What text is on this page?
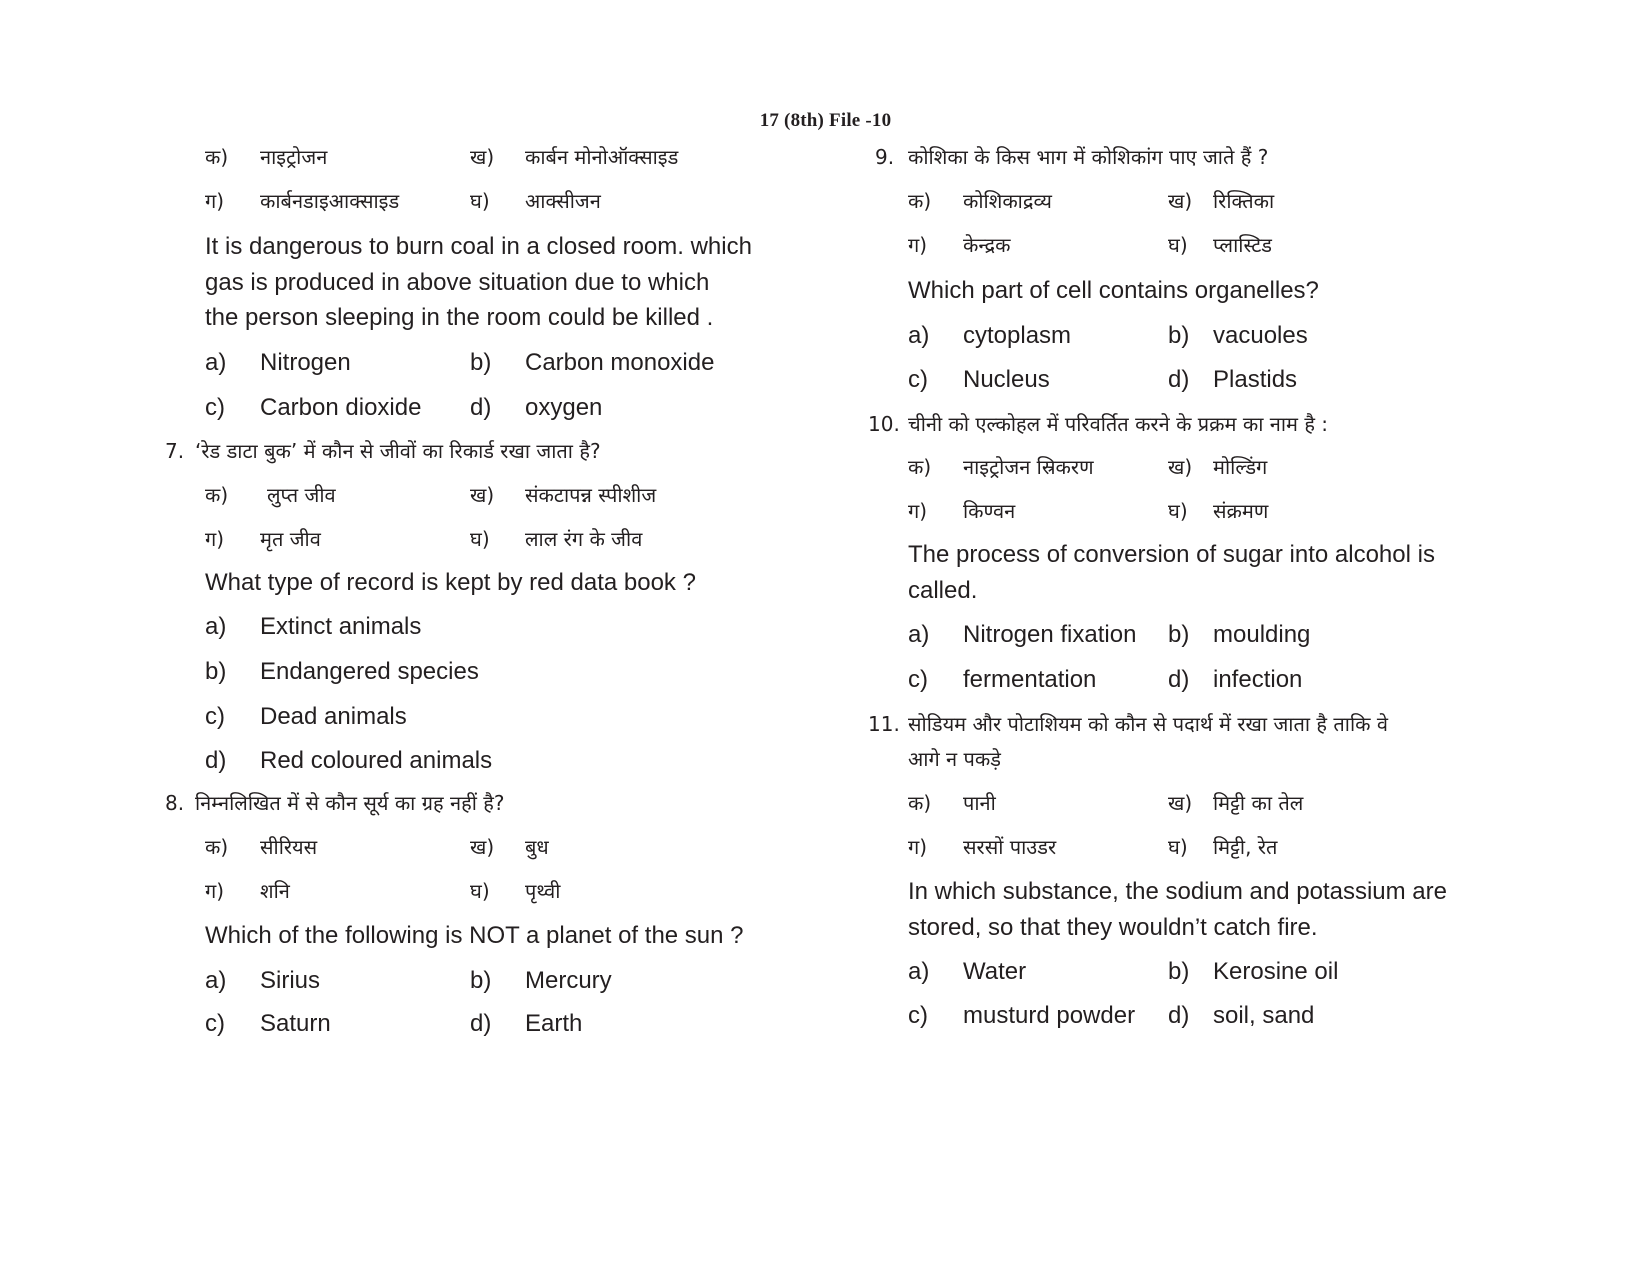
17 (8th) File -10
क) नाइट्रोजन	ख) कार्बन मोनोऑक्साइड
ग) कार्बनडाइआक्साइड	घ) आक्सीजन
It is dangerous to burn coal in a closed room. which
gas is produced in above situation due to which
the person sleeping in the room could be killed .
a) Nitrogen	b) Carbon monoxide
c) Carbon dioxide d) oxygen
7. ‘रेड डाटा बुक’ में कौन से जीवों का रिकार्ड रखा जाता है?
क) लुप्त जीव	ख) संकटापन्न स्पीशीज
ग) मृत जीव	घ) लाल रंग के जीव
What type of record is kept by red data book ?
a) Extinct animals
b) Endangered species
c) Dead animals
d) Red coloured animals
8. निम्नलिखित में से कौन सूर्य का ग्रह नहीं है?
क) सीरियस	ख) बुध
ग) शनि	घ) पृथ्वी
Which of the following is NOT a planet of the sun ?
a) Sirius	b) Mercury
c) Saturn	d) Earth
9. कोशिका के किस भाग में कोशिकांग पाए जाते हैं ?
क) कोशिकाद्रव्य	ख) रिक्तिका
ग) केन्द्रक	घ) प्लास्टिड
Which part of cell contains organelles?
a) cytoplasm	b) vacuoles
c) Nucleus	d) Plastids
10. चीनी को एल्कोहल में परिवर्तित करने के प्रक्रम का नाम है :
क) नाइट्रोजन स्रिकरण	ख) मोल्डिंग
ग) किण्वन	घ) संक्रमण
The process of conversion of sugar into alcohol is
called.
a) Nitrogen fixation b) moulding
c) fermentation	d) infection
11. सोडियम और पोटाशियम को कौन से पदार्थ में रखा जाता है ताकि वे
आगे न पकड़े
क) पानी	ख) मिट्टी का तेल
ग) सरसों पाउडर	घ) मिट्टी, रेत
In which substance, the sodium and potassium are
stored, so that they wouldn’t catch fire.
a) Water	b) Kerosine oil
c) musturd powder d) soil, sand
